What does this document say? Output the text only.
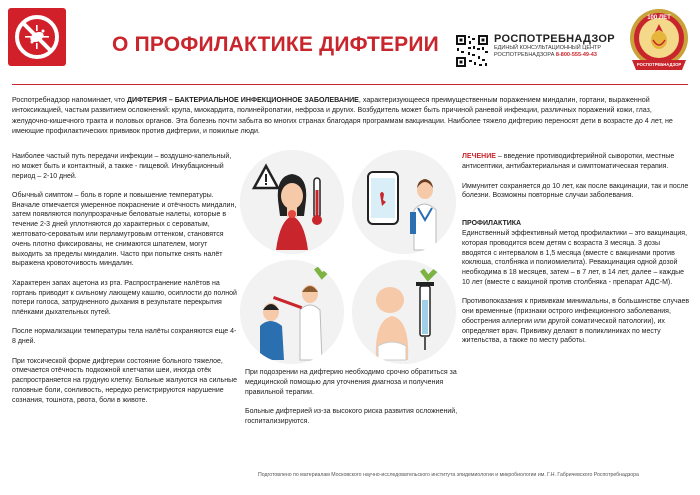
О ПРОФИЛАКТИКЕ ДИФТЕРИИ	РОСПОТРЕБНАДЗОР
ЕДИНЫЙ КОНСУЛЬТАЦИОННЫЙ ЦЕНТР
РОСПОТРЕБНАДЗОРА 8-800-555-49-43
100 ЛЕТ
РОСПОТРЕБНАДЗОР
Роспотребнадзор напоминает, что ДИФТЕРИЯ – БАКТЕРИАЛЬНОЕ ИНФЕКЦИОННОЕ ЗАБОЛЕВАНИЕ, характеризующееся преимущественным поражением миндалин, гортани, выраженной интоксикацией, частым развитием осложнений: крупа, миокардита, полинейропатии, нефроза и других. Возбудитель может быть причиной раневой инфекции, различных поражений кожи, глаз, желудочно-кишечного тракта и половых органов. Эта болезнь почти забыта во многих странах благодаря программам вакцинации. Наиболее тяжело дифтерию переносят дети в возрасте до 4 лет, не имеющие профилактических прививок против дифтерии, и пожилые люди.

Наиболее частый путь передачи инфекции – воздушно-капельный, но может быть и контактный, а также - пищевой. Инкубационный период – 2-10 дней.

Обычный симптом – боль в горле и повышение температуры. Вначале отмечается умеренное покраснение и отёчность миндалин, затем появляются полупрозрачные беловатые налеты, которые в течение 2-3 дней уплотняются до характерных с сероватым, желтовато-сероватым или перламутровым оттенком, становятся очень плотно фиксированы, не снимаются шпателем, могут выходить за пределы миндалин. Часто при попытке снять налёт выражена кровоточивость миндалин.

Характерен запах ацетона из рта. Распространение налётов на гортань приводит к сильному лающему кашлю, осиплости до полной потери голоса, затрудненного дыхания в результате перекрытия плёнками дыхательных путей.

После нормализации температуры тела налёты сохраняются еще 4-8 дней.

При токсической форме дифтерии состояние больного тяжелое, отмечается отёчность подкожной клетчатки шеи, иногда отёк распространяется на грудную клетку. Больные жалуются на сильные головные боли, сонливость, нередко регистрируются нарушение сознания, тошнота, рвота, боли в животе.

При подозрении на дифтерию необходимо срочно обратиться за медицинской помощью для уточнения диагноза и получения правильной терапии.

Больные дифтерией из-за высокого риска развития осложнений, госпитализируются.

ЛЕЧЕНИЕ – введение противодифтерийной сыворотки, местные антисептики, антибактериальная и симптоматическая терапия.

Иммунитет сохраняется до 10 лет, как после вакцинации, так и после болезни. Возможны повторные случаи заболевания.

ПРОФИЛАКТИКА

Единственный эффективный метод профилактики – это вакцинация, которая проводится всем детям с возраста 3 месяца. 3 дозы вводятся с интервалом в 1,5 месяца (вместе с вакцинами против коклюша, столбняка и полиомиелита). Ревакцинация одной дозой необходима в 18 месяцев, затем – в 7 лет, в 14 лет, далее – каждые 10 лет (вместе с вакциной против столбняка - препарат АДС-М).

Противопоказания к прививкам минимальны, в большинстве случаев они временные (признаки острого инфекционного заболевания, обострения аллергии или другой соматической патологии), их определяет врач. Прививку делают в поликлиниках по месту жительства, а также по месту работы.

Подготовлено по материалам Московского научно-исследовательского института эпидемиологии и микробиологии им. Г.Н. Габричевского Роспотребнадзора
